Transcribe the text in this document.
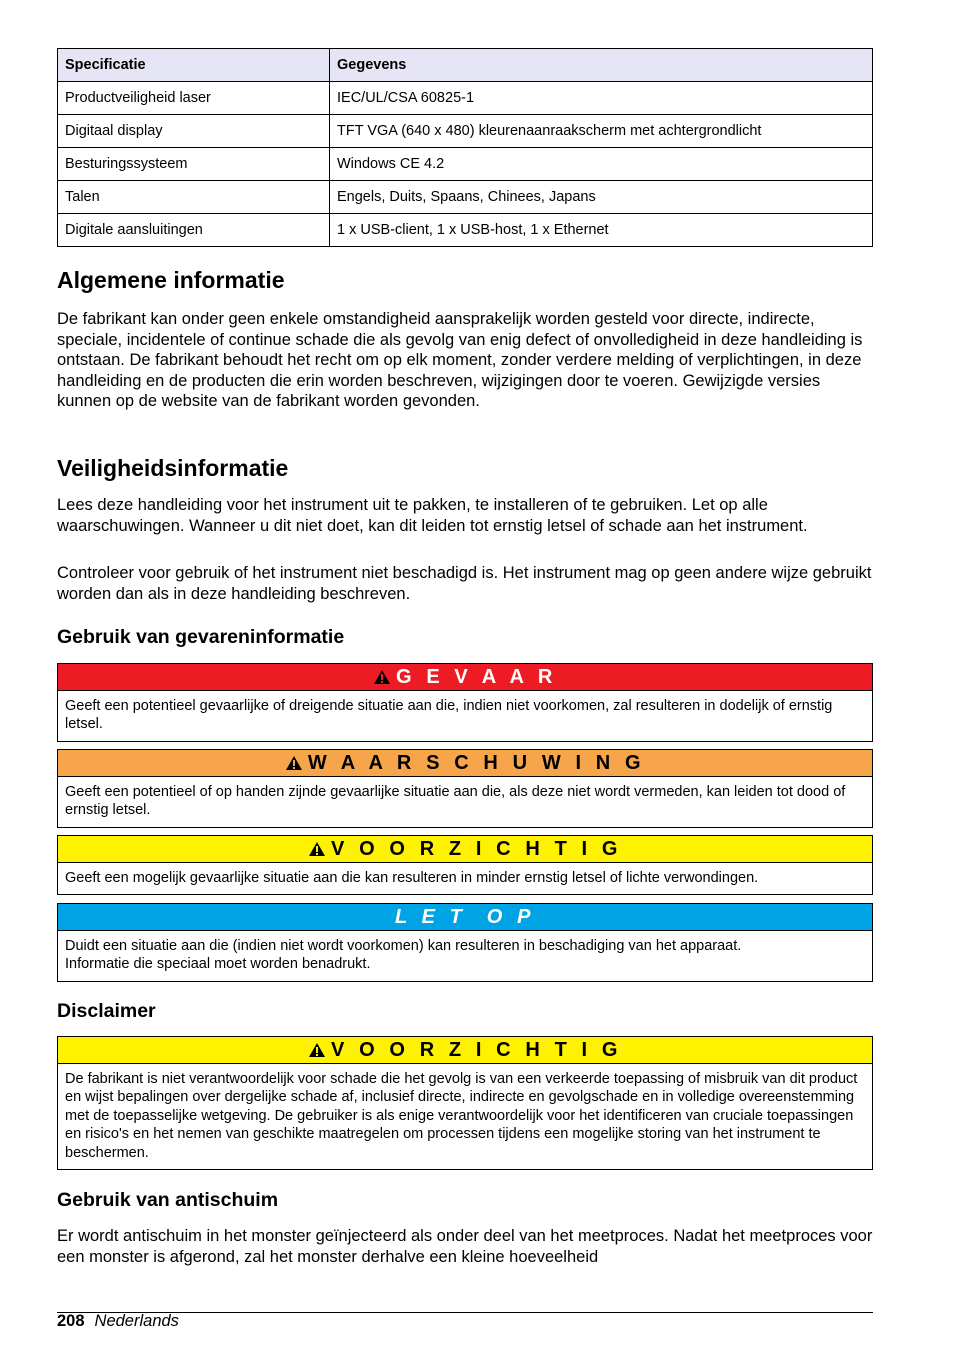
Specificatie	Gegevens
Productveiligheid laser	IEC/UL/CSA 60825-1
Digitaal display	TFT VGA (640 x 480) kleurenaanraakscherm met achtergrondlicht
Besturingssysteem	Windows CE 4.2
Talen	Engels, Duits, Spaans, Chinees, Japans
Digitale aansluitingen	1 x USB-client, 1 x USB-host, 1 x Ethernet
Algemene informatie
De fabrikant kan onder geen enkele omstandigheid aansprakelijk worden gesteld voor directe, indirecte, speciale, incidentele of continue schade die als gevolg van enig defect of onvolledigheid in deze handleiding is ontstaan. De fabrikant behoudt het recht om op elk moment, zonder verdere melding of verplichtingen, in deze handleiding en de producten die erin worden beschreven, wijzigingen door te voeren. Gewijzigde versies kunnen op de website van de fabrikant worden gevonden.
Veiligheidsinformatie
Lees deze handleiding voor het instrument uit te pakken, te installeren of te gebruiken. Let op alle waarschuwingen. Wanneer u dit niet doet, kan dit leiden tot ernstig letsel of schade aan het instrument.
Controleer voor gebruik of het instrument niet beschadigd is. Het instrument mag op geen andere wijze gebruikt worden dan als in deze handleiding beschreven.
Gebruik van gevareninformatie
G E V A A R
Geeft een potentieel gevaarlijke of dreigende situatie aan die, indien niet voorkomen, zal resulteren in dodelijk of ernstig letsel.
W A A R S C H U W I N G
Geeft een potentieel of op handen zijnde gevaarlijke situatie aan die, als deze niet wordt vermeden, kan leiden tot dood of ernstig letsel.
V O O R Z I C H T I G
Geeft een mogelijk gevaarlijke situatie aan die kan resulteren in minder ernstig letsel of lichte verwondingen.
L E T  O P
Duidt een situatie aan die (indien niet wordt voorkomen) kan resulteren in beschadiging van het apparaat.
Informatie die speciaal moet worden benadrukt.
Disclaimer
V O O R Z I C H T I G
De fabrikant is niet verantwoordelijk voor schade die het gevolg is van een verkeerde toepassing of misbruik van dit product en wijst bepalingen over dergelijke schade af, inclusief directe, indirecte en gevolgschade en in volledige overeenstemming met de toepasselijke wetgeving. De gebruiker is als enige verantwoordelijk voor het identificeren van cruciale toepassingen en risico's en het nemen van geschikte maatregelen om processen tijdens een mogelijke storing van het instrument te beschermen.
Gebruik van antischuim
Er wordt antischuim in het monster geïnjecteerd als onder deel van het meetproces. Nadat het meetproces voor een monster is afgerond, zal het monster derhalve een kleine hoeveelheid
208 Nederlands
